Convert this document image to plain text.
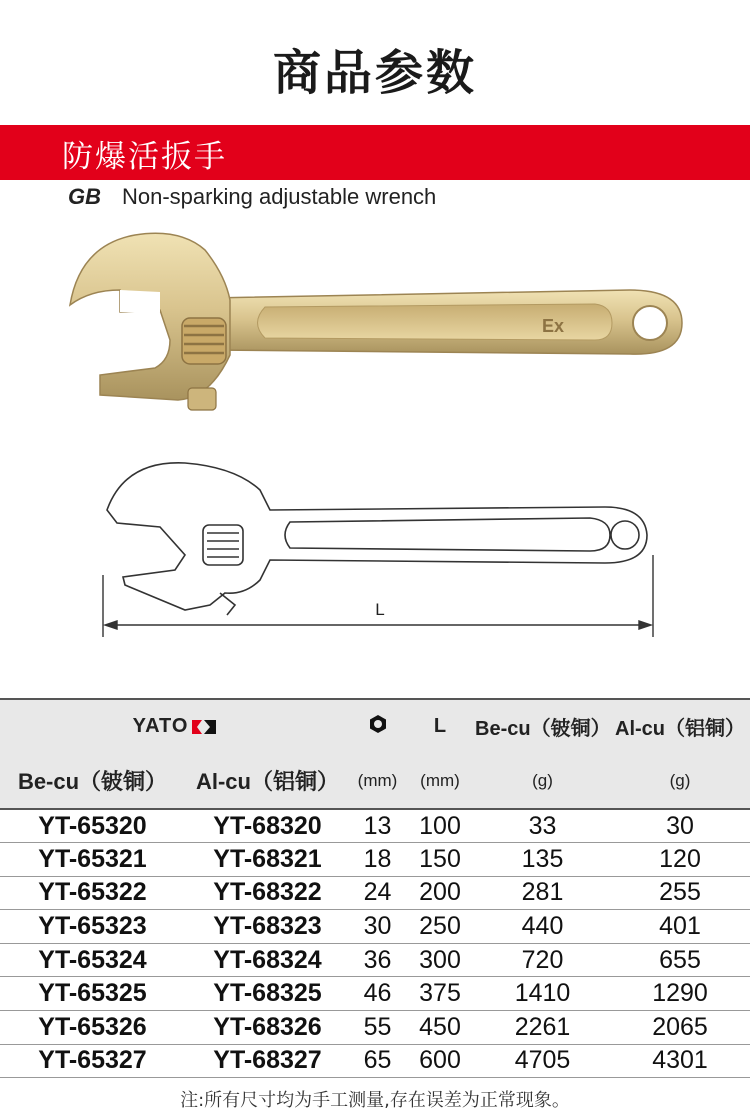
商品参数
防爆活扳手
GB Non-sparking adjustable wrench
Ex
L
YATO			L	Be-cu（铍铜）	Al-cu（铝铜）
Be-cu（铍铜）	Al-cu（铝铜）	(mm)	(mm)	(g)	(g)
YT-65320	YT-68320	13	100	33	30
YT-65321	YT-68321	18	150	135	120
YT-65322	YT-68322	24	200	281	255
YT-65323	YT-68323	30	250	440	401
YT-65324	YT-68324	36	300	720	655
YT-65325	YT-68325	46	375	1410	1290
YT-65326	YT-68326	55	450	2261	2065
YT-65327	YT-68327	65	600	4705	4301
注:所有尺寸均为手工测量,存在误差为正常现象。
